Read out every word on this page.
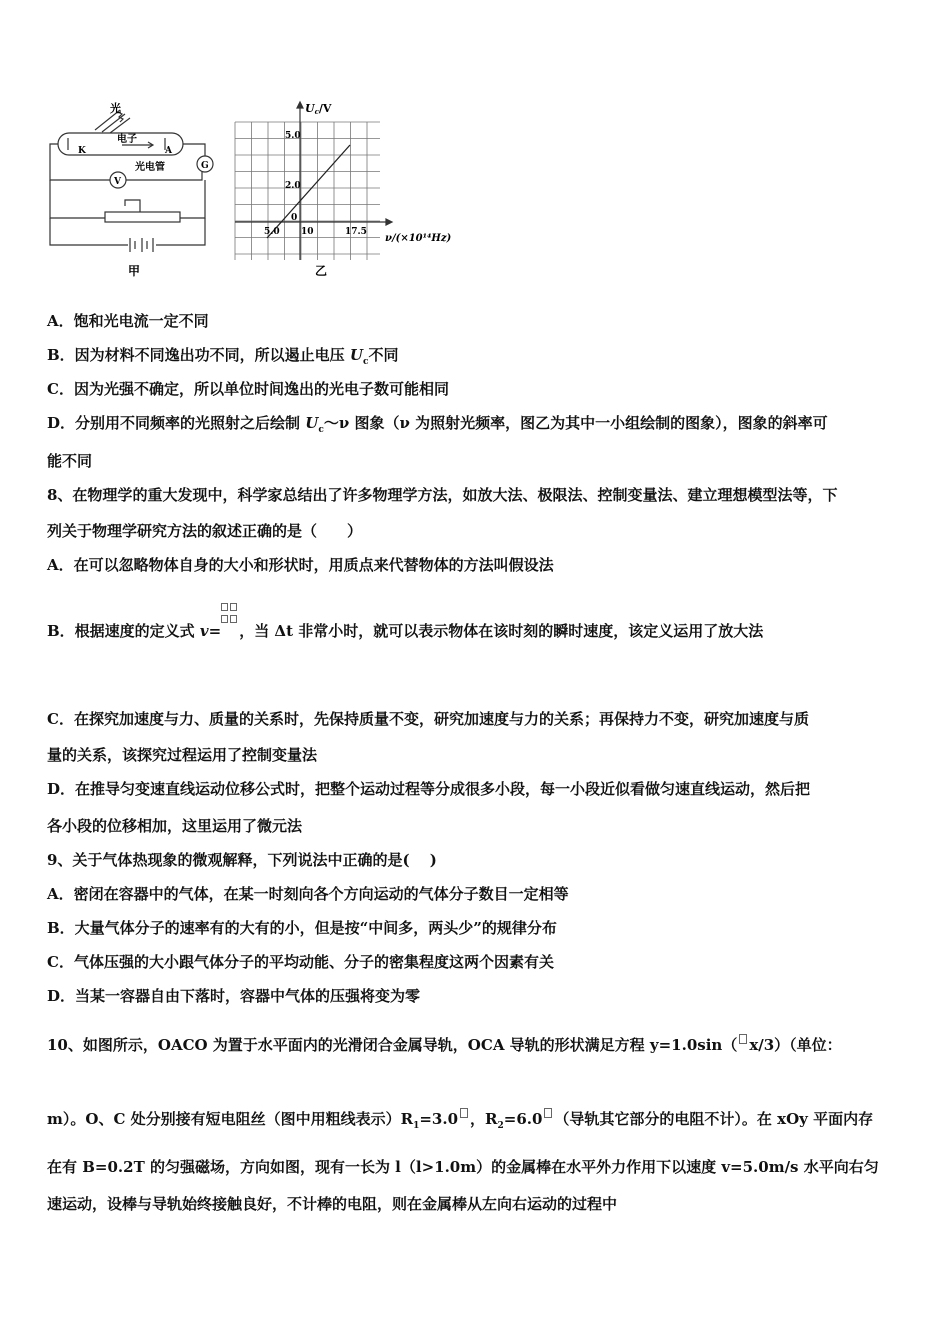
光
K
电子
A
光电管	G
V
甲
Uc/V
5.0
2.0
0
5.0 10	17.5
ν/(×10¹⁴Hz)
乙
A．饱和光电流一定不同
B．因为材料不同逸出功不同，所以遏止电压 $U_c$不同
C．因为光强不确定，所以单位时间逸出的光电子数可能相同
D．分别用不同频率的光照射之后绘制 $U_c\sim\nu$ 图象（ν 为照射光频率，图乙为其中一小组绘制的图象），图象的斜率可
能不同
8、在物理学的重大发现中，科学家总结出了许多物理学方法，如放大法、极限法、控制变量法、建立理想模型法等，下
列关于物理学研究方法的叙述正确的是（　　）
A．在可以忽略物体自身的大小和形状时，用质点来代替物体的方法叫假设法
B．根据速度的定义式 v= ，当 Δt 非常小时，就可以表示物体在该时刻的瞬时速度，该定义运用了放大法
C．在探究加速度与力、质量的关系时，先保持质量不变，研究加速度与力的关系；再保持力不变，研究加速度与质
量的关系，该探究过程运用了控制变量法
D．在推导匀变速直线运动位移公式时，把整个运动过程等分成很多小段，每一小段近似看做匀速直线运动，然后把
各小段的位移相加，这里运用了微元法
9、关于气体热现象的微观解释，下列说法中正确的是(　 )
A．密闭在容器中的气体，在某一时刻向各个方向运动的气体分子数目一定相等
B．大量气体分子的速率有的大有的小，但是按“中间多，两头少”的规律分布
C．气体压强的大小跟气体分子的平均动能、分子的密集程度这两个因素有关
D．当某一容器自由下落时，容器中气体的压强将变为零
10、如图所示，OACO 为置于水平面内的光滑闭合金属导轨，OCA 导轨的形状满足方程 y=1.0sin（ x/3）（单位：
m）。O、C 处分别接有短电阻丝（图中用粗线表示）$R_1=3.0$ ，$R_2=6.0$ （导轨其它部分的电阻不计）。在 xOy 平面内存
在有 B=0.2T 的匀强磁场，方向如图，现有一长为 l（l>1.0m）的金属棒在水平外力作用下以速度 v=5.0m/s 水平向右匀
速运动，设棒与导轨始终接触良好，不计棒的电阻，则在金属棒从左向右运动的过程中
